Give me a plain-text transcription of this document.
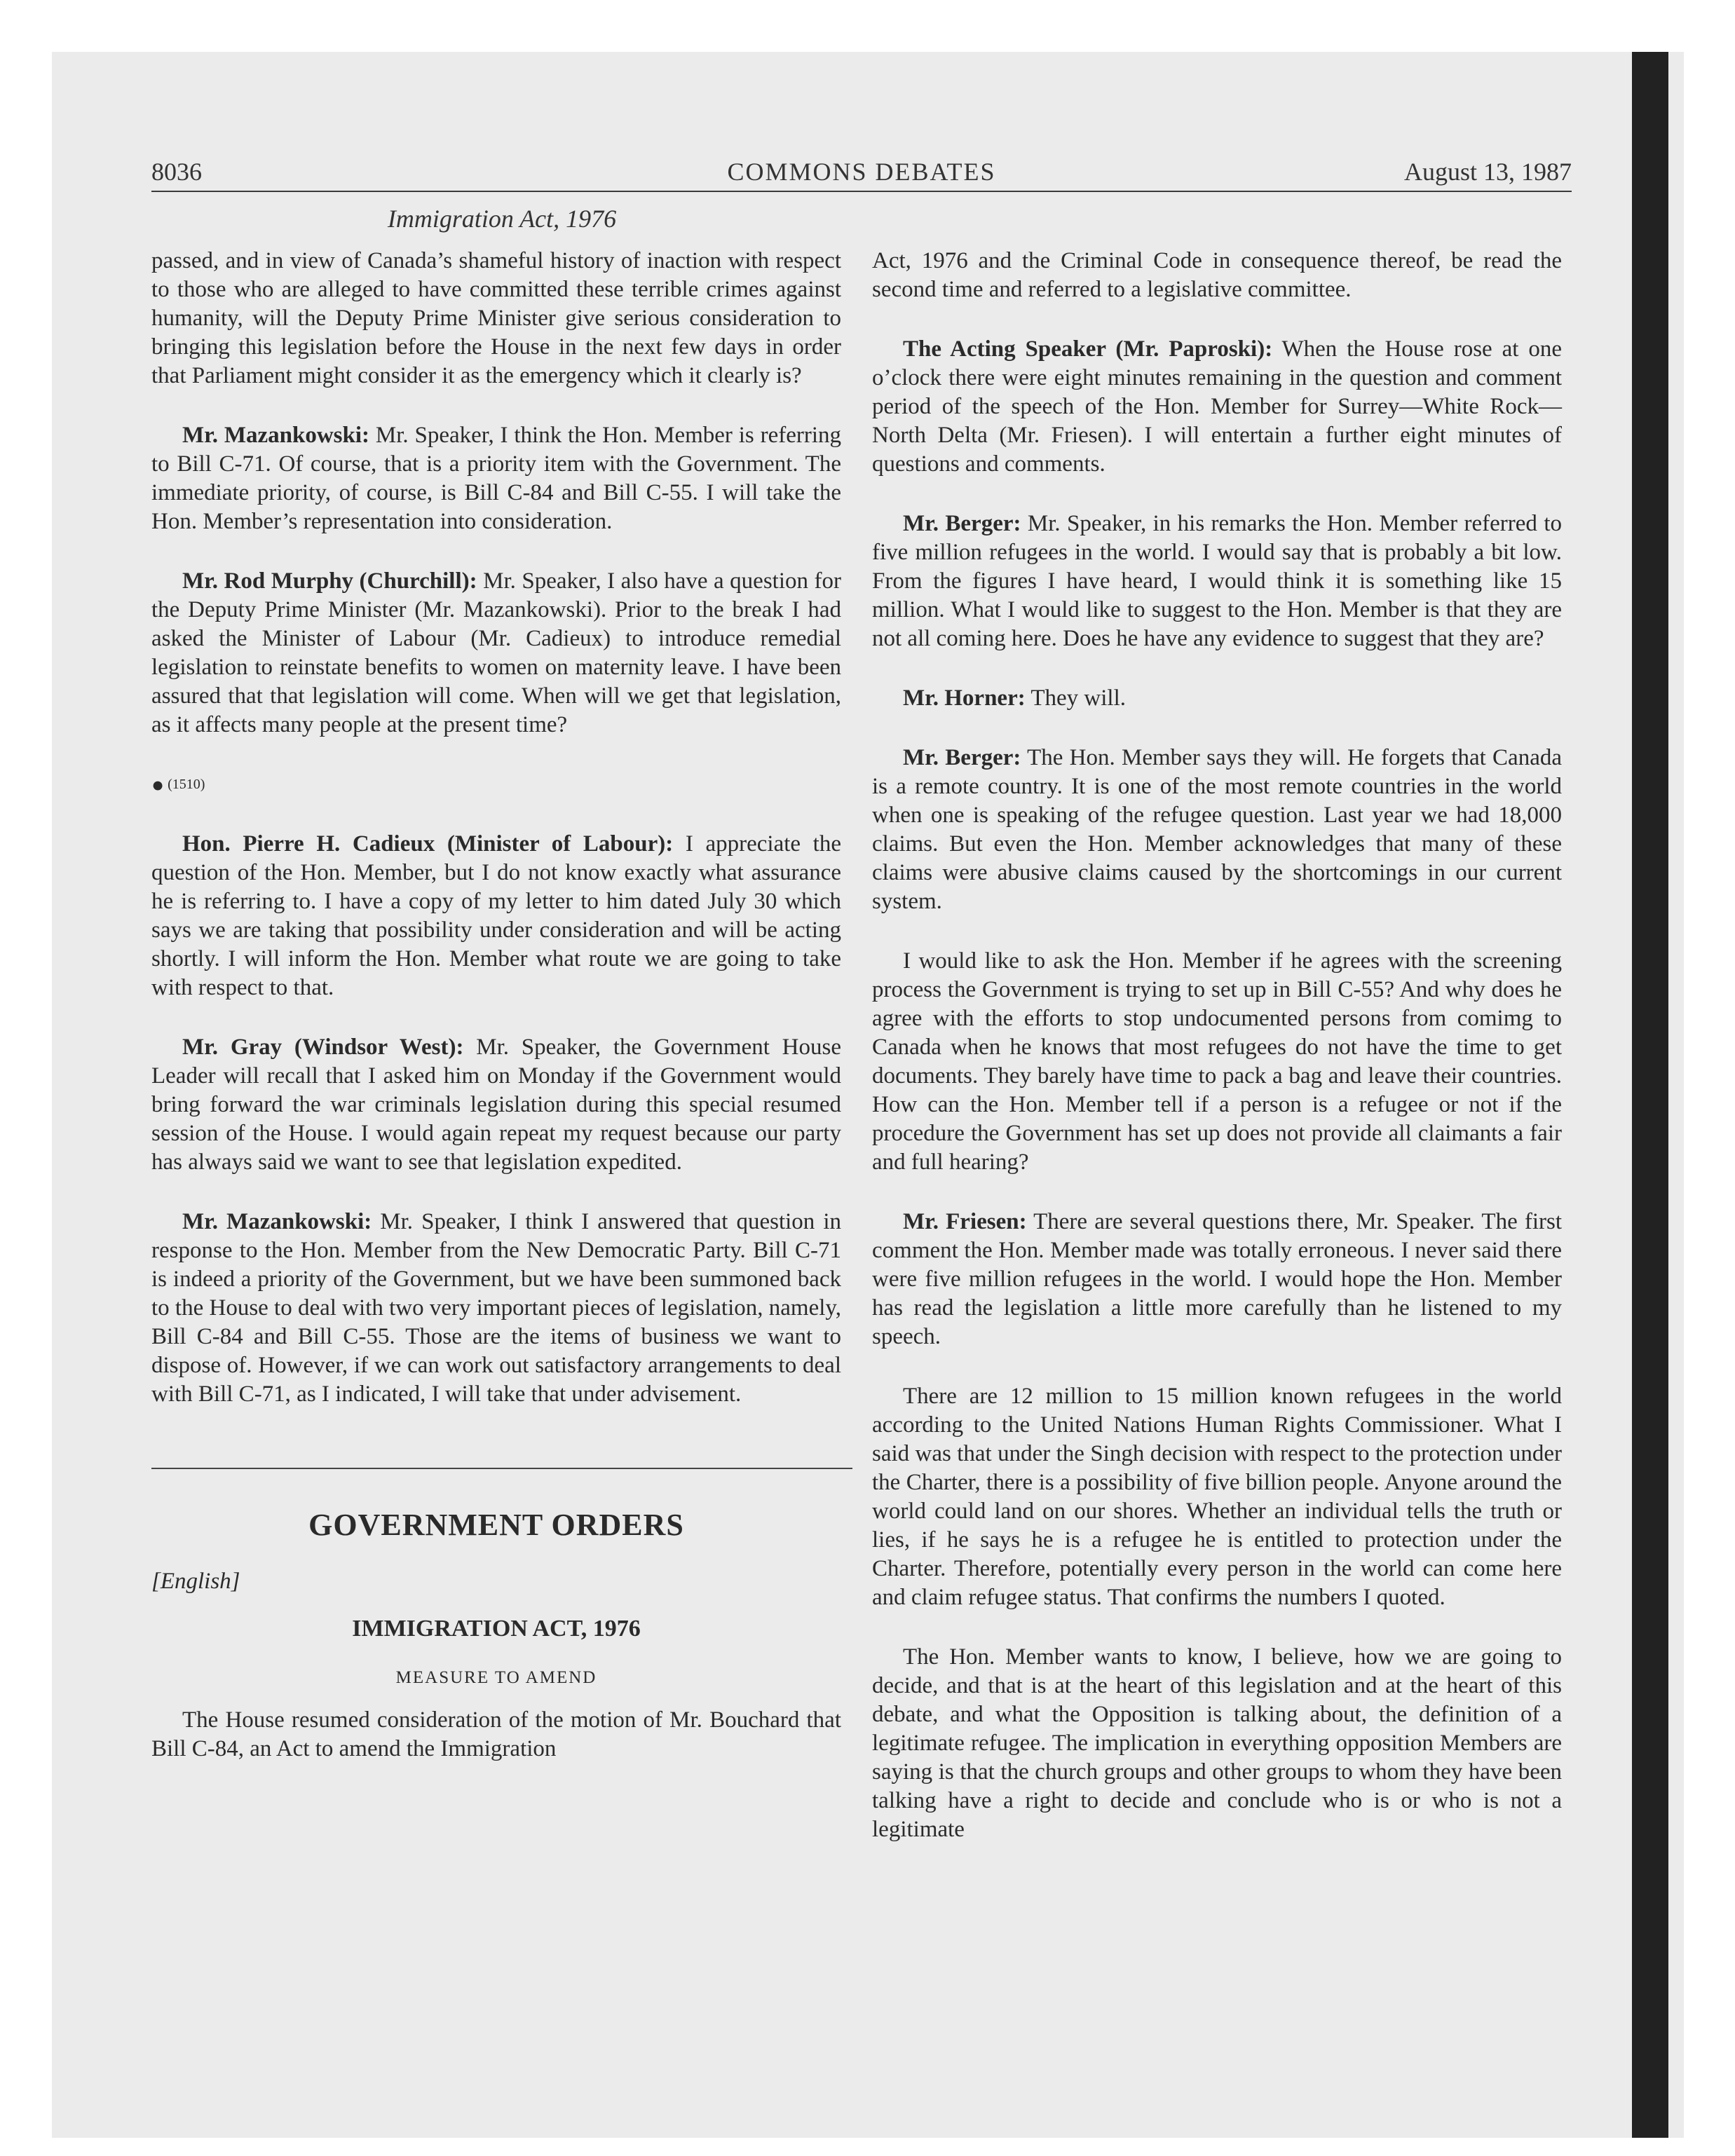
8036	COMMONS DEBATES	August 13, 1987
Immigration Act, 1976

passed, and in view of Canada’s shameful history of inaction with respect to those who are alleged to have committed these terrible crimes against humanity, will the Deputy Prime Minister give serious consideration to bringing this legislation before the House in the next few days in order that Parliament might consider it as the emergency which it clearly is?

Mr. Mazankowski: Mr. Speaker, I think the Hon. Member is referring to Bill C-71. Of course, that is a priority item with the Government. The immediate priority, of course, is Bill C-84 and Bill C-55. I will take the Hon. Member’s representation into consideration.

Mr. Rod Murphy (Churchill): Mr. Speaker, I also have a question for the Deputy Prime Minister (Mr. Mazankowski). Prior to the break I had asked the Minister of Labour (Mr. Cadieux) to introduce remedial legislation to reinstate benefits to women on maternity leave. I have been assured that that legislation will come. When will we get that legislation, as it affects many people at the present time?

● (1510)

Hon. Pierre H. Cadieux (Minister of Labour): I appreciate the question of the Hon. Member, but I do not know exactly what assurance he is referring to. I have a copy of my letter to him dated July 30 which says we are taking that possibility under consideration and will be acting shortly. I will inform the Hon. Member what route we are going to take with respect to that.

Mr. Gray (Windsor West): Mr. Speaker, the Government House Leader will recall that I asked him on Monday if the Government would bring forward the war criminals legislation during this special resumed session of the House. I would again repeat my request because our party has always said we want to see that legislation expedited.

Mr. Mazankowski: Mr. Speaker, I think I answered that question in response to the Hon. Member from the New Democratic Party. Bill C-71 is indeed a priority of the Government, but we have been summoned back to the House to deal with two very important pieces of legislation, namely, Bill C-84 and Bill C-55. Those are the items of business we want to dispose of. However, if we can work out satisfactory arrangements to deal with Bill C-71, as I indicated, I will take that under advisement.

GOVERNMENT ORDERS
[English]
IMMIGRATION ACT, 1976
MEASURE TO AMEND

The House resumed consideration of the motion of Mr. Bouchard that Bill C-84, an Act to amend the Immigration

Act, 1976 and the Criminal Code in consequence thereof, be read the second time and referred to a legislative committee.

The Acting Speaker (Mr. Paproski): When the House rose at one o’clock there were eight minutes remaining in the question and comment period of the speech of the Hon. Member for Surrey—White Rock—North Delta (Mr. Friesen). I will entertain a further eight minutes of questions and comments.

Mr. Berger: Mr. Speaker, in his remarks the Hon. Member referred to five million refugees in the world. I would say that is probably a bit low. From the figures I have heard, I would think it is something like 15 million. What I would like to suggest to the Hon. Member is that they are not all coming here. Does he have any evidence to suggest that they are?

Mr. Horner: They will.

Mr. Berger: The Hon. Member says they will. He forgets that Canada is a remote country. It is one of the most remote countries in the world when one is speaking of the refugee question. Last year we had 18,000 claims. But even the Hon. Member acknowledges that many of these claims were abusive claims caused by the shortcomings in our current system.

I would like to ask the Hon. Member if he agrees with the screening process the Government is trying to set up in Bill C-55? And why does he agree with the efforts to stop undocumented persons from comimg to Canada when he knows that most refugees do not have the time to get documents. They barely have time to pack a bag and leave their countries. How can the Hon. Member tell if a person is a refugee or not if the procedure the Government has set up does not provide all claimants a fair and full hearing?

Mr. Friesen: There are several questions there, Mr. Speaker. The first comment the Hon. Member made was totally erroneous. I never said there were five million refugees in the world. I would hope the Hon. Member has read the legislation a little more carefully than he listened to my speech.

There are 12 million to 15 million known refugees in the world according to the United Nations Human Rights Commissioner. What I said was that under the Singh decision with respect to the protection under the Charter, there is a possibility of five billion people. Anyone around the world could land on our shores. Whether an individual tells the truth or lies, if he says he is a refugee he is entitled to protection under the Charter. Therefore, potentially every person in the world can come here and claim refugee status. That confirms the numbers I quoted.

The Hon. Member wants to know, I believe, how we are going to decide, and that is at the heart of this legislation and at the heart of this debate, and what the Opposition is talking about, the definition of a legitimate refugee. The implication in everything opposition Members are saying is that the church groups and other groups to whom they have been talking have a right to decide and conclude who is or who is not a legitimate
